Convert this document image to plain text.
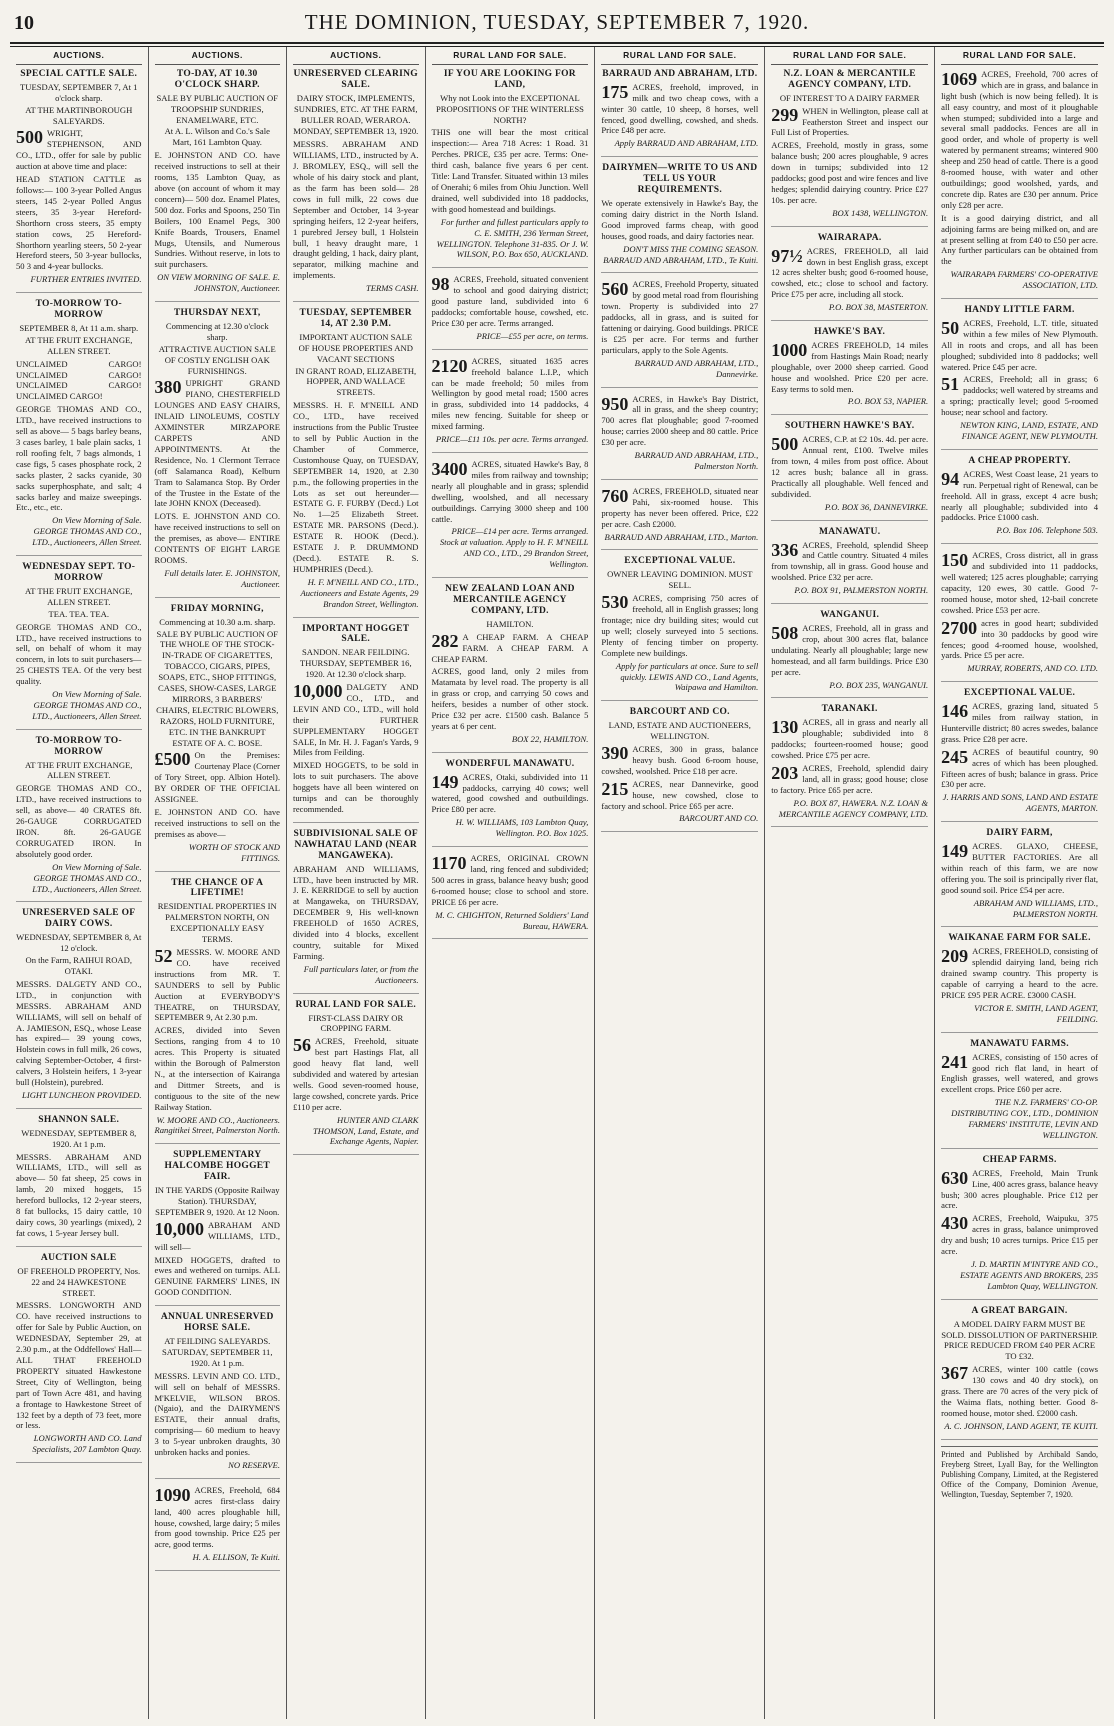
10	THE DOMINION, TUESDAY, SEPTEMBER 7, 1920.
AUCTIONS.
SPECIAL CATTLE SALE.
TUESDAY, SEPTEMBER 7, At 1 o'clock sharp.
AT THE MARTINBOROUGH SALEYARDS.
500 WRIGHT, STEPHENSON, AND CO., LTD., offer for sale by public auction at above time and place:
HEAD STATION CATTLE as follows:— 100 3-year Polled Angus steers, 145 2-year Polled Angus steers, 35 3-year Hereford-Shorthorn cross steers, 35 empty station cows, 25 Hereford-Shorthorn yearling steers, 50 2-year Hereford steers, 50 3-year bullocks, 50 3 and 4-year bullocks.
FURTHER ENTRIES INVITED.
TO-MORROW TO-MORROW
SEPTEMBER 8, At 11 a.m. sharp.
AT THE FRUIT EXCHANGE, ALLEN STREET.
UNCLAIMED CARGO! UNCLAIMED CARGO! UNCLAIMED CARGO! UNCLAIMED CARGO!
GEORGE THOMAS AND CO., LTD., have received instructions to sell as above— 5 bags barley beans, 3 cases barley, 1 bale plain sacks, 1 roll roofing felt, 7 bags almonds, 1 case figs, 5 cases phosphate rock, 2 sacks plaster, 2 sacks cyanide, 30 sacks superphosphate, and salt; 4 sacks barley and maize sweepings. Etc., etc., etc.
On View Morning of Sale. GEORGE THOMAS AND CO., LTD., Auctioneers, Allen Street.
WEDNESDAY SEPT. TO-MORROW
AT THE FRUIT EXCHANGE, ALLEN STREET.
TEA. TEA. TEA.
GEORGE THOMAS AND CO., LTD., have received instructions to sell, on behalf of whom it may concern, in lots to suit purchasers— 25 CHESTS TEA. Of the very best quality.
On View Morning of Sale. GEORGE THOMAS AND CO., LTD., Auctioneers, Allen Street.
TO-MORROW TO-MORROW
AT THE FRUIT EXCHANGE, ALLEN STREET.
GEORGE THOMAS AND CO., LTD., have received instructions to sell, as above— 40 CRATES 8ft. 26-GAUGE CORRUGATED IRON. 8ft. 26-GAUGE CORRUGATED IRON. In absolutely good order.
On View Morning of Sale. GEORGE THOMAS AND CO., LTD., Auctioneers, Allen Street.
UNRESERVED SALE OF DAIRY COWS.
WEDNESDAY, SEPTEMBER 8, At 12 o'clock.
On the Farm, RAIHUI ROAD, OTAKI.
MESSRS. DALGETY AND CO., LTD., in conjunction with MESSRS. ABRAHAM AND WILLIAMS, will sell on behalf of A. JAMIESON, ESQ., whose Lease has expired— 39 young cows, Holstein cows in full milk, 26 cows, calving September-October, 4 first-calvers, 3 Holstein heifers, 1 3-year bull (Holstein), purebred.
LIGHT LUNCHEON PROVIDED.
SHANNON SALE.
WEDNESDAY, SEPTEMBER 8, 1920. At 1 p.m.
MESSRS. ABRAHAM AND WILLIAMS, LTD., will sell as above— 50 fat sheep, 25 cows in lamb, 20 mixed hoggets, 15 hereford bullocks, 12 2-year steers, 8 fat bullocks, 15 dairy cattle, 10 dairy cows, 30 yearlings (mixed), 2 fat cows, 1 5-year Jersey bull.
AUCTION SALE
OF FREEHOLD PROPERTY, Nos. 22 and 24 HAWKESTONE STREET.
MESSRS. LONGWORTH AND CO. have received instructions to offer for Sale by Public Auction, on WEDNESDAY, September 29, at 2.30 p.m., at the Oddfellows' Hall— ALL THAT FREEHOLD PROPERTY situated Hawkestone Street, City of Wellington, being part of Town Acre 481, and having a frontage to Hawkestone Street of 132 feet by a depth of 73 feet, more or less.
LONGWORTH AND CO. Land Specialists, 207 Lambton Quay.
AUCTIONS.
TO-DAY, AT 10.30 O'CLOCK SHARP.
SALE BY PUBLIC AUCTION OF TROOPSHIP SUNDRIES, ENAMELWARE, ETC.
At A. L. Wilson and Co.'s Sale Mart, 161 Lambton Quay.
E. JOHNSTON AND CO. have received instructions to sell at their rooms, 135 Lambton Quay, as above (on account of whom it may concern)— 500 doz. Enamel Plates, 500 doz. Forks and Spoons, 250 Tin Boilers, 100 Enamel Pegs, 300 Knife Boards, Trousers, Enamel Mugs, Utensils, and Numerous Sundries. Without reserve, in lots to suit purchasers.
ON VIEW MORNING OF SALE. E. JOHNSTON, Auctioneer.
THURSDAY NEXT,
Commencing at 12.30 o'clock sharp.
ATTRACTIVE AUCTION SALE OF COSTLY ENGLISH OAK FURNISHINGS.
380 UPRIGHT GRAND PIANO, CHESTERFIELD LOUNGES AND EASY CHAIRS, INLAID LINOLEUMS, COSTLY AXMINSTER MIRZAPORE CARPETS AND APPOINTMENTS. At the Residence, No. 1 Clermont Terrace (off Salamanca Road), Kelburn Tram to Salamanca Stop. By Order of the Trustee in the Estate of the late JOHN KNOX (Deceased).
LOTS. E. JOHNSTON AND CO. have received instructions to sell on the premises, as above— ENTIRE CONTENTS OF EIGHT LARGE ROOMS.
Full details later. E. JOHNSTON, Auctioneer.
FRIDAY MORNING,
Commencing at 10.30 a.m. sharp.
SALE BY PUBLIC AUCTION OF THE WHOLE OF THE STOCK-IN-TRADE OF CIGARETTES, TOBACCO, CIGARS, PIPES, SOAPS, ETC., SHOP FITTINGS, CASES, SHOW-CASES, LARGE MIRRORS, 3 BARBERS' CHAIRS, ELECTRIC BLOWERS, RAZORS, HOLD FURNITURE, ETC. IN THE BANKRUPT ESTATE OF A. C. BOSE.
£500 On the Premises: Courtenay Place (Corner of Tory Street, opp. Albion Hotel). BY ORDER OF THE OFFICIAL ASSIGNEE.
E. JOHNSTON AND CO. have received instructions to sell on the premises as above—
WORTH OF STOCK AND FITTINGS.
THE CHANCE OF A LIFETIME!
RESIDENTIAL PROPERTIES IN PALMERSTON NORTH, ON EXCEPTIONALLY EASY TERMS.
52 MESSRS. W. MOORE AND CO. have received instructions from MR. T. SAUNDERS to sell by Public Auction at EVERYBODY'S THEATRE, on THURSDAY, SEPTEMBER 9, At 2.30 p.m.
ACRES, divided into Seven Sections, ranging from 4 to 10 acres. This Property is situated within the Borough of Palmerston N., at the intersection of Kairanga and Dittmer Streets, and is contiguous to the site of the new Railway Station.
W. MOORE AND CO., Auctioneers. Rangitikei Street, Palmerston North.
SUPPLEMENTARY HALCOMBE HOGGET FAIR.
IN THE YARDS (Opposite Railway Station). THURSDAY, SEPTEMBER 9, 1920. At 12 Noon.
10,000 ABRAHAM AND WILLIAMS, LTD., will sell—
MIXED HOGGETS, drafted to ewes and wethered on turnips. ALL GENUINE FARMERS' LINES, IN GOOD CONDITION.
ANNUAL UNRESERVED HORSE SALE.
AT FEILDING SALEYARDS. SATURDAY, SEPTEMBER 11, 1920. At 1 p.m.
MESSRS. LEVIN AND CO. LTD., will sell on behalf of MESSRS. M'KELVIE, WILSON BROS. (Ngaio), and the DAIRYMEN'S ESTATE, their annual drafts, comprising— 60 medium to heavy 3 to 5-year unbroken draughts, 30 unbroken hacks and ponies.
NO RESERVE.
1090 ACRES, Freehold, 684 acres first-class dairy land, 400 acres ploughable hill, house, cowshed, large dairy; 5 miles from good township. Price £25 per acre, good terms.
H. A. ELLISON, Te Kuiti.
AUCTIONS.
UNRESERVED CLEARING SALE.
DAIRY STOCK, IMPLEMENTS, SUNDRIES, ETC. AT THE FARM, BULLER ROAD, WERAROA.
MONDAY, SEPTEMBER 13, 1920.
MESSRS. ABRAHAM AND WILLIAMS, LTD., instructed by A. J. BROMLEY, ESQ., will sell the whole of his dairy stock and plant, as the farm has been sold— 28 cows in full milk, 22 cows due September and October, 14 3-year springing heifers, 12 2-year heifers, 1 purebred Jersey bull, 1 Holstein bull, 1 heavy draught mare, 1 draught gelding, 1 hack, dairy plant, separator, milking machine and implements.
TERMS CASH.
TUESDAY, SEPTEMBER 14, AT 2.30 P.M.
IMPORTANT AUCTION SALE OF HOUSE PROPERTIES AND VACANT SECTIONS
IN GRANT ROAD, ELIZABETH, HOPPER, AND WALLACE STREETS.
MESSRS. H. F. M'NEILL AND CO., LTD., have received instructions from the Public Trustee to sell by Public Auction in the Chamber of Commerce, Customhouse Quay, on TUESDAY, SEPTEMBER 14, 1920, at 2.30 p.m., the following properties in the Lots as set out hereunder— ESTATE G. F. FURBY (Decd.) Lot No. 1—25 Elizabeth Street. ESTATE MR. PARSONS (Decd.). ESTATE R. HOOK (Decd.). ESTATE J. P. DRUMMOND (Decd.). ESTATE R. S. HUMPHRIES (Decd.).
H. F. M'NEILL AND CO., LTD., Auctioneers and Estate Agents, 29 Brandon Street, Wellington.
IMPORTANT HOGGET SALE.
SANDON. NEAR FEILDING. THURSDAY, SEPTEMBER 16, 1920. At 12.30 o'clock sharp.
10,000 DALGETY AND CO., LTD., and LEVIN AND CO., LTD., will hold their FURTHER SUPPLEMENTARY HOGGET SALE, In Mr. H. J. Fagan's Yards, 9 Miles from Feilding.
MIXED HOGGETS, to be sold in lots to suit purchasers. The above hoggets have all been wintered on turnips and can be thoroughly recommended.
SUBDIVISIONAL SALE OF NAWHATAU LAND (NEAR MANGAWEKA).
ABRAHAM AND WILLIAMS, LTD., have been instructed by MR. J. E. KERRIDGE to sell by auction at Mangaweka, on THURSDAY, DECEMBER 9, His well-known FREEHOLD of 1650 ACRES, divided into 4 blocks, excellent country, suitable for Mixed Farming.
Full particulars later, or from the Auctioneers.
RURAL LAND FOR SALE.
FIRST-CLASS DAIRY OR CROPPING FARM.
56 ACRES, Freehold, situate best part Hastings Flat, all good heavy flat land, well subdivided and watered by artesian wells. Good seven-roomed house, large cowshed, concrete yards. Price £110 per acre.
HUNTER AND CLARK THOMSON, Land, Estate, and Exchange Agents, Napier.
RURAL LAND FOR SALE.
IF YOU ARE LOOKING FOR LAND,
Why not Look into the EXCEPTIONAL PROPOSITIONS OF THE WINTERLESS NORTH?
THIS one will bear the most critical inspection:— Area 718 Acres: 1 Road. 31 Perches. PRICE, £35 per acre. Terms: One-third cash, balance five years 6 per cent. Title: Land Transfer. Situated within 13 miles of Onerahi; 6 miles from Ohiu Junction. Well drained, well subdivided into 18 paddocks, with good homestead and buildings.
For further and fullest particulars apply to C. E. SMITH, 236 Yerman Street, WELLINGTON. Telephone 31-835. Or J. W. WILSON, P.O. Box 650, AUCKLAND.
98 ACRES, Freehold, situated convenient to school and good dairying district; good pasture land, subdivided into 6 paddocks; comfortable house, cowshed, etc. Price £30 per acre. Terms arranged.
PRICE—£55 per acre, on terms.
2120 ACRES, situated 1635 acres freehold balance L.I.P., which can be made freehold; 50 miles from Wellington by good metal road; 1500 acres in grass, subdivided into 14 paddocks, 4 miles new fencing. Suitable for sheep or mixed farming.
PRICE—£11 10s. per acre. Terms arranged.
3400 ACRES, situated Hawke's Bay, 8 miles from railway and township; nearly all ploughable and in grass; splendid dwelling, woolshed, and all necessary outbuildings. Carrying 3000 sheep and 100 cattle.
PRICE—£14 per acre. Terms arranged. Stock at valuation. Apply to H. F. M'NEILL AND CO., LTD., 29 Brandon Street, Wellington.
NEW ZEALAND LOAN AND MERCANTILE AGENCY COMPANY, LTD.
HAMILTON.
282 A CHEAP FARM. A CHEAP FARM. A CHEAP FARM. A CHEAP FARM.
ACRES, good land, only 2 miles from Matamata by level road. The property is all in grass or crop, and carrying 50 cows and heifers, besides a number of other stock. Price £32 per acre. £1500 cash. Balance 5 years at 6 per cent.
BOX 22, HAMILTON.
WONDERFUL MANAWATU.
149 ACRES, Otaki, subdivided into 11 paddocks, carrying 40 cows; well watered, good cowshed and outbuildings. Price £80 per acre.
H. W. WILLIAMS, 103 Lambton Quay, Wellington. P.O. Box 1025.
1170 ACRES, ORIGINAL CROWN land, ring fenced and subdivided; 500 acres in grass, balance heavy bush; good 6-roomed house; close to school and store. PRICE £6 per acre.
M. C. CHIGHTON, Returned Soldiers' Land Bureau, HAWERA.
RURAL LAND FOR SALE.
BARRAUD AND ABRAHAM, LTD.
175 ACRES, freehold, improved, in milk and two cheap cows, with a winter 30 cattle, 10 sheep, 8 horses, well fenced, good dwelling, cowshed, and sheds. Price £48 per acre.
Apply BARRAUD AND ABRAHAM, LTD.
DAIRYMEN—WRITE TO US AND TELL US YOUR REQUIREMENTS.
We operate extensively in Hawke's Bay, the coming dairy district in the North Island. Good improved farms cheap, with good houses, good roads, and dairy factories near.
DON'T MISS THE COMING SEASON. BARRAUD AND ABRAHAM, LTD., Te Kuiti.
560 ACRES, Freehold Property, situated by good metal road from flourishing town. Property is subdivided into 27 paddocks, all in grass, and is suited for fattening or dairying. Good buildings. PRICE is £25 per acre. For terms and further particulars, apply to the Sole Agents.
BARRAUD AND ABRAHAM, LTD., Dannevirke.
950 ACRES, in Hawke's Bay District, all in grass, and the sheep country; 700 acres flat ploughable; good 7-roomed house; carries 2000 sheep and 80 cattle. Price £30 per acre.
BARRAUD AND ABRAHAM, LTD., Palmerston North.
760 ACRES, FREEHOLD, situated near Pahi, six-roomed house. This property has never been offered. Price, £22 per acre. Cash £2000.
BARRAUD AND ABRAHAM, LTD., Marton.
EXCEPTIONAL VALUE.
OWNER LEAVING DOMINION. MUST SELL.
530 ACRES, comprising 750 acres of freehold, all in English grasses; long frontage; nice dry building sites; would cut up well; closely surveyed into 5 sections. Plenty of fencing timber on property. Complete new buildings.
Apply for particulars at once. Sure to sell quickly. LEWIS AND CO., Land Agents, Waipawa and Hamilton.
BARCOURT AND CO.
LAND, ESTATE AND AUCTIONEERS, WELLINGTON.
390 ACRES, 300 in grass, balance heavy bush. Good 6-room house, cowshed, woolshed. Price £18 per acre.
215 ACRES, near Dannevirke, good house, new cowshed, close to factory and school. Price £65 per acre.
BARCOURT AND CO.
RURAL LAND FOR SALE.
N.Z. LOAN & MERCANTILE AGENCY COMPANY, LTD.
OF INTEREST TO A DAIRY FARMER
299 WHEN in Wellington, please call at Featherston Street and inspect our Full List of Properties.
ACRES, Freehold, mostly in grass, some balance bush; 200 acres ploughable, 9 acres down in turnips; subdivided into 12 paddocks; good post and wire fences and live hedges; splendid dairying country. Price £27 10s. per acre.
BOX 1438, WELLINGTON.
WAIRARAPA.
97½ ACRES, FREEHOLD, all laid down in best English grass, except 12 acres shelter bush; good 6-roomed house, cowshed, etc.; close to school and factory. Price £75 per acre, including all stock.
P.O. BOX 38, MASTERTON.
HAWKE'S BAY.
1000 ACRES FREEHOLD, 14 miles from Hastings Main Road; nearly ploughable, over 2000 sheep carried. Good house and woolshed. Price £20 per acre. Easy terms to sold men.
P.O. BOX 53, NAPIER.
SOUTHERN HAWKE'S BAY.
500 ACRES, C.P. at £2 10s. 4d. per acre. Annual rent, £100. Twelve miles from town, 4 miles from post office. About 12 acres bush; balance all in grass. Practically all ploughable. Well fenced and subdivided.
P.O. BOX 36, DANNEVIRKE.
MANAWATU.
336 ACRES, Freehold, splendid Sheep and Cattle country. Situated 4 miles from township, all in grass. Good house and woolshed. Price £32 per acre.
P.O. BOX 91, PALMERSTON NORTH.
WANGANUI.
508 ACRES, Freehold, all in grass and crop, about 300 acres flat, balance undulating. Nearly all ploughable; large new homestead, and all farm buildings. Price £30 per acre.
P.O. BOX 235, WANGANUI.
TARANAKI.
130 ACRES, all in grass and nearly all ploughable; subdivided into 8 paddocks; fourteen-roomed house; good cowshed. Price £75 per acre.
203 ACRES, Freehold, splendid dairy land, all in grass; good house; close to factory. Price £65 per acre.
P.O. BOX 87, HAWERA. N.Z. LOAN & MERCANTILE AGENCY COMPANY, LTD.
RURAL LAND FOR SALE.
1069 ACRES, Freehold, 700 acres of which are in grass, and balance in light bush (which is now being felled). It is all easy country, and most of it ploughable when stumped; subdivided into a large and several small paddocks. Fences are all in good order, and whole of property is well watered by permanent streams; wintered 900 sheep and 250 head of cattle. There is a good 8-roomed house, with water and other outbuildings; good woolshed, yards, and concrete dip. Rates are £30 per annum. Price only £28 per acre.
It is a good dairying district, and all adjoining farms are being milked on, and are at present selling at from £40 to £50 per acre. Any further particulars can be obtained from the
WAIRARAPA FARMERS' CO-OPERATIVE ASSOCIATION, LTD.
HANDY LITTLE FARM.
50 ACRES, Freehold, L.T. title, situated within a few miles of New Plymouth. All in roots and crops, and all has been ploughed; subdivided into 8 paddocks; well watered. Price £45 per acre.
51 ACRES, Freehold; all in grass; 6 paddocks; well watered by streams and a spring; practically level; good 5-roomed house; near school and factory.
NEWTON KING, LAND, ESTATE, AND FINANCE AGENT, NEW PLYMOUTH.
A CHEAP PROPERTY.
94 ACRES, West Coast lease, 21 years to run. Perpetual right of Renewal, can be freehold. All in grass, except 4 acre bush; nearly all ploughable; subdivided into 4 paddocks. Price £1000 cash.
P.O. Box 106. Telephone 503.
150 ACRES, Cross district, all in grass and subdivided into 11 paddocks, well watered; 125 acres ploughable; carrying capacity, 120 ewes, 30 cattle. Good 7-roomed house, motor shed, 12-bail concrete cowshed. Price £53 per acre.
2700 acres in good heart; subdivided into 30 paddocks by good wire fences; good 4-roomed house, woolshed, yards. Price £5 per acre.
MURRAY, ROBERTS, AND CO. LTD.
EXCEPTIONAL VALUE.
146 ACRES, grazing land, situated 5 miles from railway station, in Hunterville district; 80 acres swedes, balance grass. Price £28 per acre.
245 ACRES of beautiful country, 90 acres of which has been ploughed. Fifteen acres of bush; balance in grass. Price £30 per acre.
J. HARRIS AND SONS, LAND AND ESTATE AGENTS, MARTON.
DAIRY FARM,
149 ACRES. GLAXO, CHEESE, BUTTER FACTORIES. Are all within reach of this farm, we are now offering you. The soil is principally river flat, good sound soil. Price £54 per acre.
ABRAHAM AND WILLIAMS, LTD., PALMERSTON NORTH.
WAIKANAE FARM FOR SALE.
209 ACRES, FREEHOLD, consisting of splendid dairying land, being rich drained swamp country. This property is capable of carrying a heard to the acre. PRICE £95 PER ACRE. £3000 CASH.
VICTOR E. SMITH, LAND AGENT, FEILDING.
MANAWATU FARMS.
241 ACRES, consisting of 150 acres of good rich flat land, in heart of English grasses, well watered, and grows excellent crops. Price £60 per acre.
THE N.Z. FARMERS' CO-OP. DISTRIBUTING COY., LTD., DOMINION FARMERS' INSTITUTE, LEVIN AND WELLINGTON.
CHEAP FARMS.
630 ACRES, Freehold, Main Trunk Line, 400 acres grass, balance heavy bush; 300 acres ploughable. Price £12 per acre.
430 ACRES, Freehold, Waipuku, 375 acres in grass, balance unimproved dry and bush; 10 acres turnips. Price £15 per acre.
J. D. MARTIN M'INTYRE AND CO., ESTATE AGENTS AND BROKERS, 235 Lambton Quay, WELLINGTON.
A GREAT BARGAIN.
A MODEL DAIRY FARM MUST BE SOLD. DISSOLUTION OF PARTNERSHIP. PRICE REDUCED FROM £40 PER ACRE TO £32.
367 ACRES, winter 100 cattle (cows 130 cows and 40 dry stock), on grass. There are 70 acres of the very pick of the Waima flats, nothing better. Good 8-roomed house, motor shed. £2000 cash.
A. C. JOHNSON, LAND AGENT, TE KUITI.
Printed and Published by Archibald Sando, Freyberg Street, Lyall Bay, for the Wellington Publishing Company, Limited, at the Registered Office of the Company, Dominion Avenue, Wellington, Tuesday, September 7, 1920.
